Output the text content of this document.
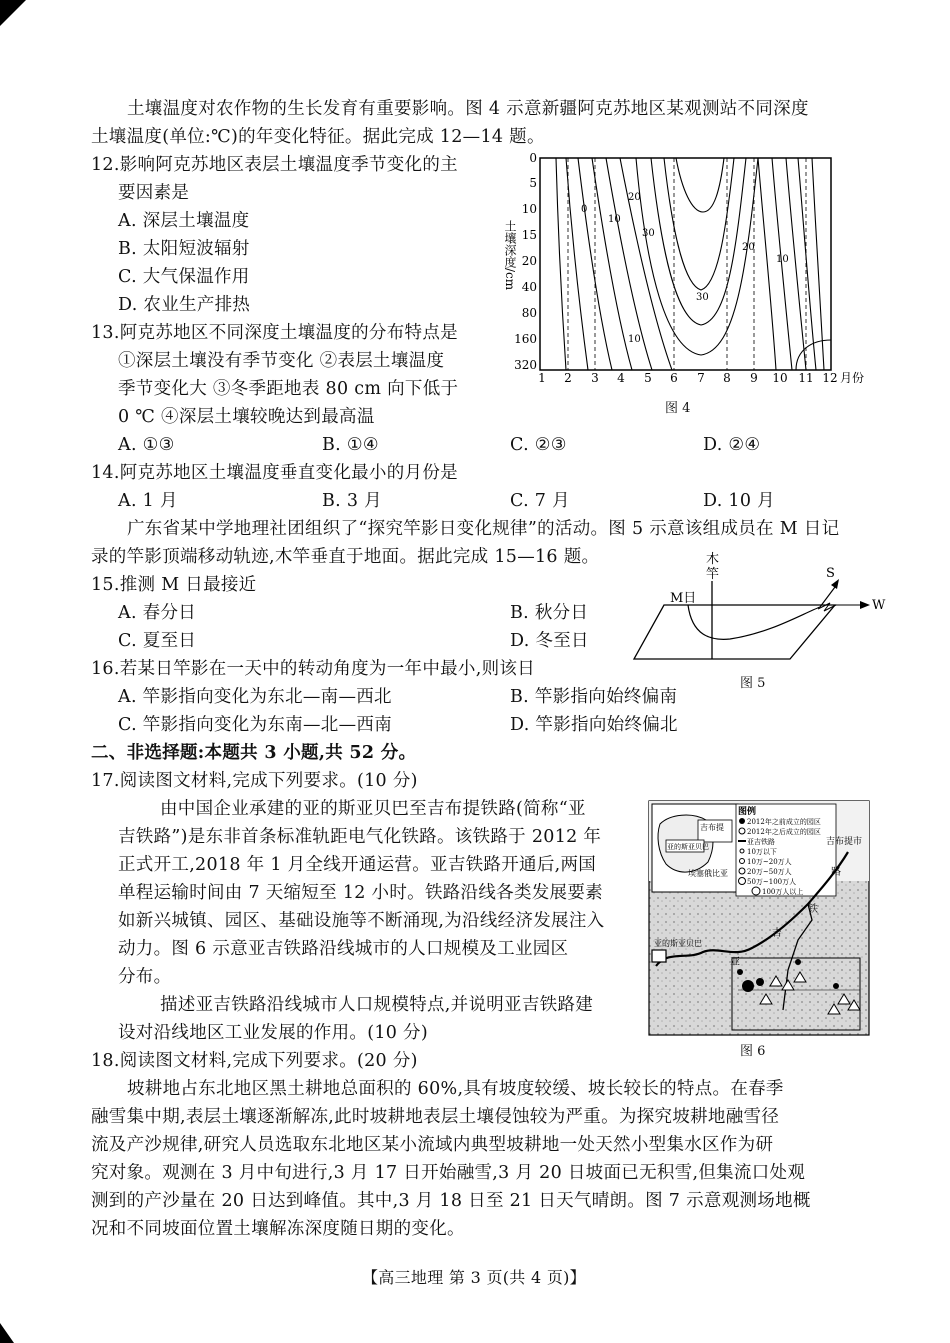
土壤温度对农作物的生长发育有重要影响。图 4 示意新疆阿克苏地区某观测站不同深度
土壤温度(单位:℃)的年变化特征。据此完成 12—14 题。
12.影响阿克苏地区表层土壤温度季节变化的主
要因素是
A. 深层土壤温度
B. 太阳短波辐射
C. 大气保温作用
D. 农业生产排热
13.阿克苏地区不同深度土壤温度的分布特点是
①深层土壤没有季节变化 ②表层土壤温度
季节变化大 ③冬季距地表 80 cm 向下低于
0 ℃ ④深层土壤较晚达到最高温
A. ①③	B. ①④	C. ②③	D. ②④
14.阿克苏地区土壤温度垂直变化最小的月份是
A. 1 月	B. 3 月	C. 7 月	D. 10 月
广东省某中学地理社团组织了“探究竿影日变化规律”的活动。图 5 示意该组成员在 M 日记
录的竿影顶端移动轨迹,木竿垂直于地面。据此完成 15—16 题。
15.推测 M 日最接近
A. 春分日	B. 秋分日
C. 夏至日	D. 冬至日
16.若某日竿影在一天中的转动角度为一年中最小,则该日
A. 竿影指向变化为东北—南—西北	B. 竿影指向始终偏南
C. 竿影指向变化为东南—北—西南	D. 竿影指向始终偏北
二、非选择题:本题共 3 小题,共 52 分。
17.阅读图文材料,完成下列要求。(10 分)
由中国企业承建的亚的斯亚贝巴至吉布提铁路(简称“亚
吉铁路”)是东非首条标准轨距电气化铁路。该铁路于 2012 年
正式开工,2018 年 1 月全线开通运营。亚吉铁路开通后,两国
单程运输时间由 7 天缩短至 12 小时。铁路沿线各类发展要素
如新兴城镇、园区、基础设施等不断涌现,为沿线经济发展注入
动力。图 6 示意亚吉铁路沿线城市的人口规模及工业园区
分布。
描述亚吉铁路沿线城市人口规模特点,并说明亚吉铁路建
设对沿线地区工业发展的作用。(10 分)
18.阅读图文材料,完成下列要求。(20 分)
坡耕地占东北地区黑土耕地总面积的 60%,具有坡度较缓、坡长较长的特点。在春季
融雪集中期,表层土壤逐渐解冻,此时坡耕地表层土壤侵蚀较为严重。为探究坡耕地融雪径
流及产沙规律,研究人员选取东北地区某小流域内典型坡耕地一处天然小型集水区作为研
究对象。观测在 3 月中旬进行,3 月 17 日开始融雪,3 月 20 日坡面已无积雪,但集流口处观
测到的产沙量在 20 日达到峰值。其中,3 月 18 日至 21 日天气晴朗。图 7 示意观测场地概
况和不同坡面位置土壤解冻深度随日期的变化。
【高三地理 第 3 页(共 4 页)】
0
5
10
15
20
40
80
160
320
土壤深度/cm
1 2 3 4 5 6 7 8 9 10 11 12 月份
0
10
20
30
30
20
10
10
图 4
木
竿
M日	W
S
图 5
吉布提
亚的斯亚贝巴
埃塞俄比亚
图例
2012年之前成立的园区
2012年之后成立的园区
亚吉铁路
10万以下
10万~20万人
20万~50万人
50万~100万人
100万人以上
吉布提市
路
铁
吉
亚
亚的斯亚贝巴
图 6
